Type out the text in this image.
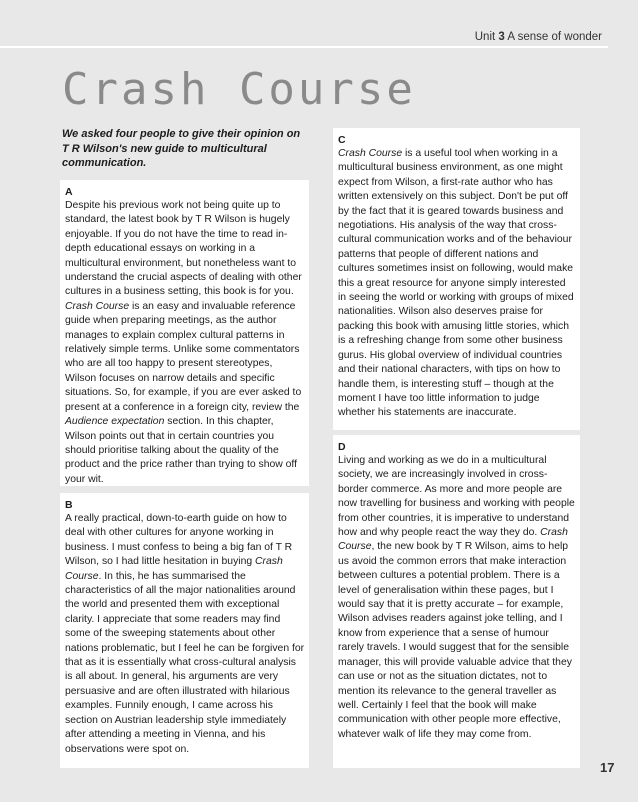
Unit 3 A sense of wonder
Crash Course
We asked four people to give their opinion on T R Wilson's new guide to multicultural communication.
A

Despite his previous work not being quite up to standard, the latest book by T R Wilson is hugely enjoyable. If you do not have the time to read in-depth educational essays on working in a multicultural environment, but nonetheless want to understand the crucial aspects of dealing with other cultures in a business setting, this book is for you. Crash Course is an easy and invaluable reference guide when preparing meetings, as the author manages to explain complex cultural patterns in relatively simple terms. Unlike some commentators who are all too happy to present stereotypes, Wilson focuses on narrow details and specific situations. So, for example, if you are ever asked to present at a conference in a foreign city, review the Audience expectation section. In this chapter, Wilson points out that in certain countries you should prioritise talking about the quality of the product and the price rather than trying to show off your wit.

B

A really practical, down-to-earth guide on how to deal with other cultures for anyone working in business. I must confess to being a big fan of T R Wilson, so I had little hesitation in buying Crash Course. In this, he has summarised the characteristics of all the major nationalities around the world and presented them with exceptional clarity. I appreciate that some readers may find some of the sweeping statements about other nations problematic, but I feel he can be forgiven for that as it is essentially what cross-cultural analysis is all about. In general, his arguments are very persuasive and are often illustrated with hilarious examples. Funnily enough, I came across his section on Austrian leadership style immediately after attending a meeting in Vienna, and his observations were spot on.

C

Crash Course is a useful tool when working in a multicultural business environment, as one might expect from Wilson, a first-rate author who has written extensively on this subject. Don't be put off by the fact that it is geared towards business and negotiations. His analysis of the way that cross-cultural communication works and of the behaviour patterns that people of different nations and cultures sometimes insist on following, would make this a great resource for anyone simply interested in seeing the world or working with groups of mixed nationalities. Wilson also deserves praise for packing this book with amusing little stories, which is a refreshing change from some other business gurus. His global overview of individual countries and their national characters, with tips on how to handle them, is interesting stuff – though at the moment I have too little information to judge whether his statements are inaccurate.

D

Living and working as we do in a multicultural society, we are increasingly involved in cross-border commerce. As more and more people are now travelling for business and working with people from other countries, it is imperative to understand how and why people react the way they do. Crash Course, the new book by T R Wilson, aims to help us avoid the common errors that make interaction between cultures a potential problem. There is a level of generalisation within these pages, but I would say that it is pretty accurate – for example, Wilson advises readers against joke telling, and I know from experience that a sense of humour rarely travels. I would suggest that for the sensible manager, this will provide valuable advice that they can use or not as the situation dictates, not to mention its relevance to the general traveller as well. Certainly I feel that the book will make communication with other people more effective, whatever walk of life they may come from.

17
